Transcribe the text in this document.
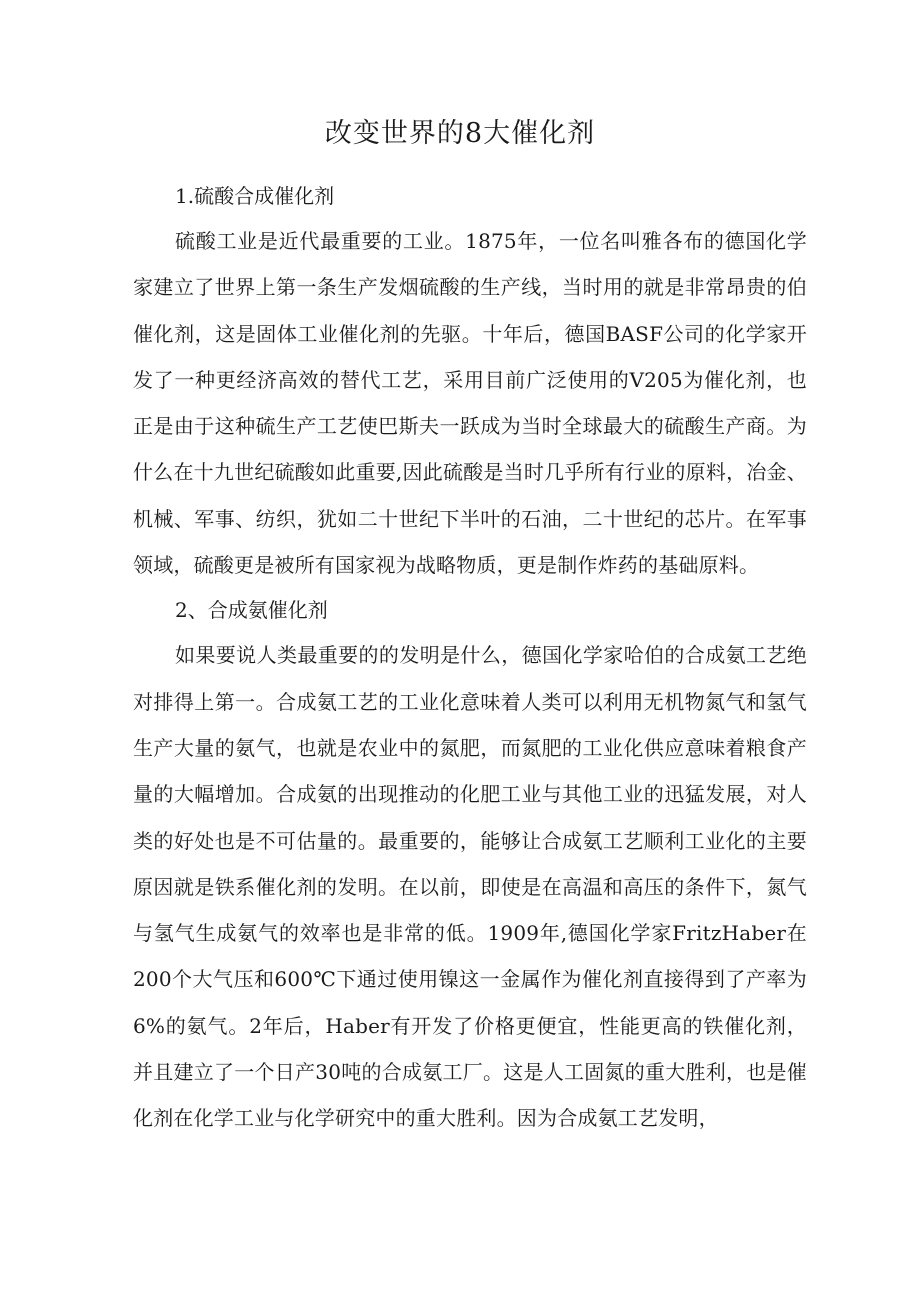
改变世界的8大催化剂
1.硫酸合成催化剂

硫酸工业是近代最重要的工业。1875年，一位名叫雅各布的德国化学家建立了世界上第一条生产发烟硫酸的生产线，当时用的就是非常昂贵的伯催化剂，这是固体工业催化剂的先驱。十年后，德国BASF公司的化学家开发了一种更经济高效的替代工艺，采用目前广泛使用的V205为催化剂，也正是由于这种硫生产工艺使巴斯夫一跃成为当时全球最大的硫酸生产商。为什么在十九世纪硫酸如此重要,因此硫酸是当时几乎所有行业的原料，冶金、机械、军事、纺织，犹如二十世纪下半叶的石油，二十世纪的芯片。在军事领域，硫酸更是被所有国家视为战略物质，更是制作炸药的基础原料。

2、合成氨催化剂

如果要说人类最重要的的发明是什么，德国化学家哈伯的合成氨工艺绝对排得上第一。合成氨工艺的工业化意味着人类可以利用无机物氮气和氢气生产大量的氨气，也就是农业中的氮肥，而氮肥的工业化供应意味着粮食产量的大幅增加。合成氨的出现推动的化肥工业与其他工业的迅猛发展，对人类的好处也是不可估量的。最重要的，能够让合成氨工艺顺利工业化的主要原因就是铁系催化剂的发明。在以前，即使是在高温和高压的条件下，氮气与氢气生成氨气的效率也是非常的低。1909年,德国化学家FritzHaber在200个大气压和600℃下通过使用镍这一金属作为催化剂直接得到了产率为6%的氨气。2年后，Haber有开发了价格更便宜，性能更高的铁催化剂，并且建立了一个日产30吨的合成氨工厂。这是人工固氮的重大胜利，也是催化剂在化学工业与化学研究中的重大胜利。因为合成氨工艺发明，
